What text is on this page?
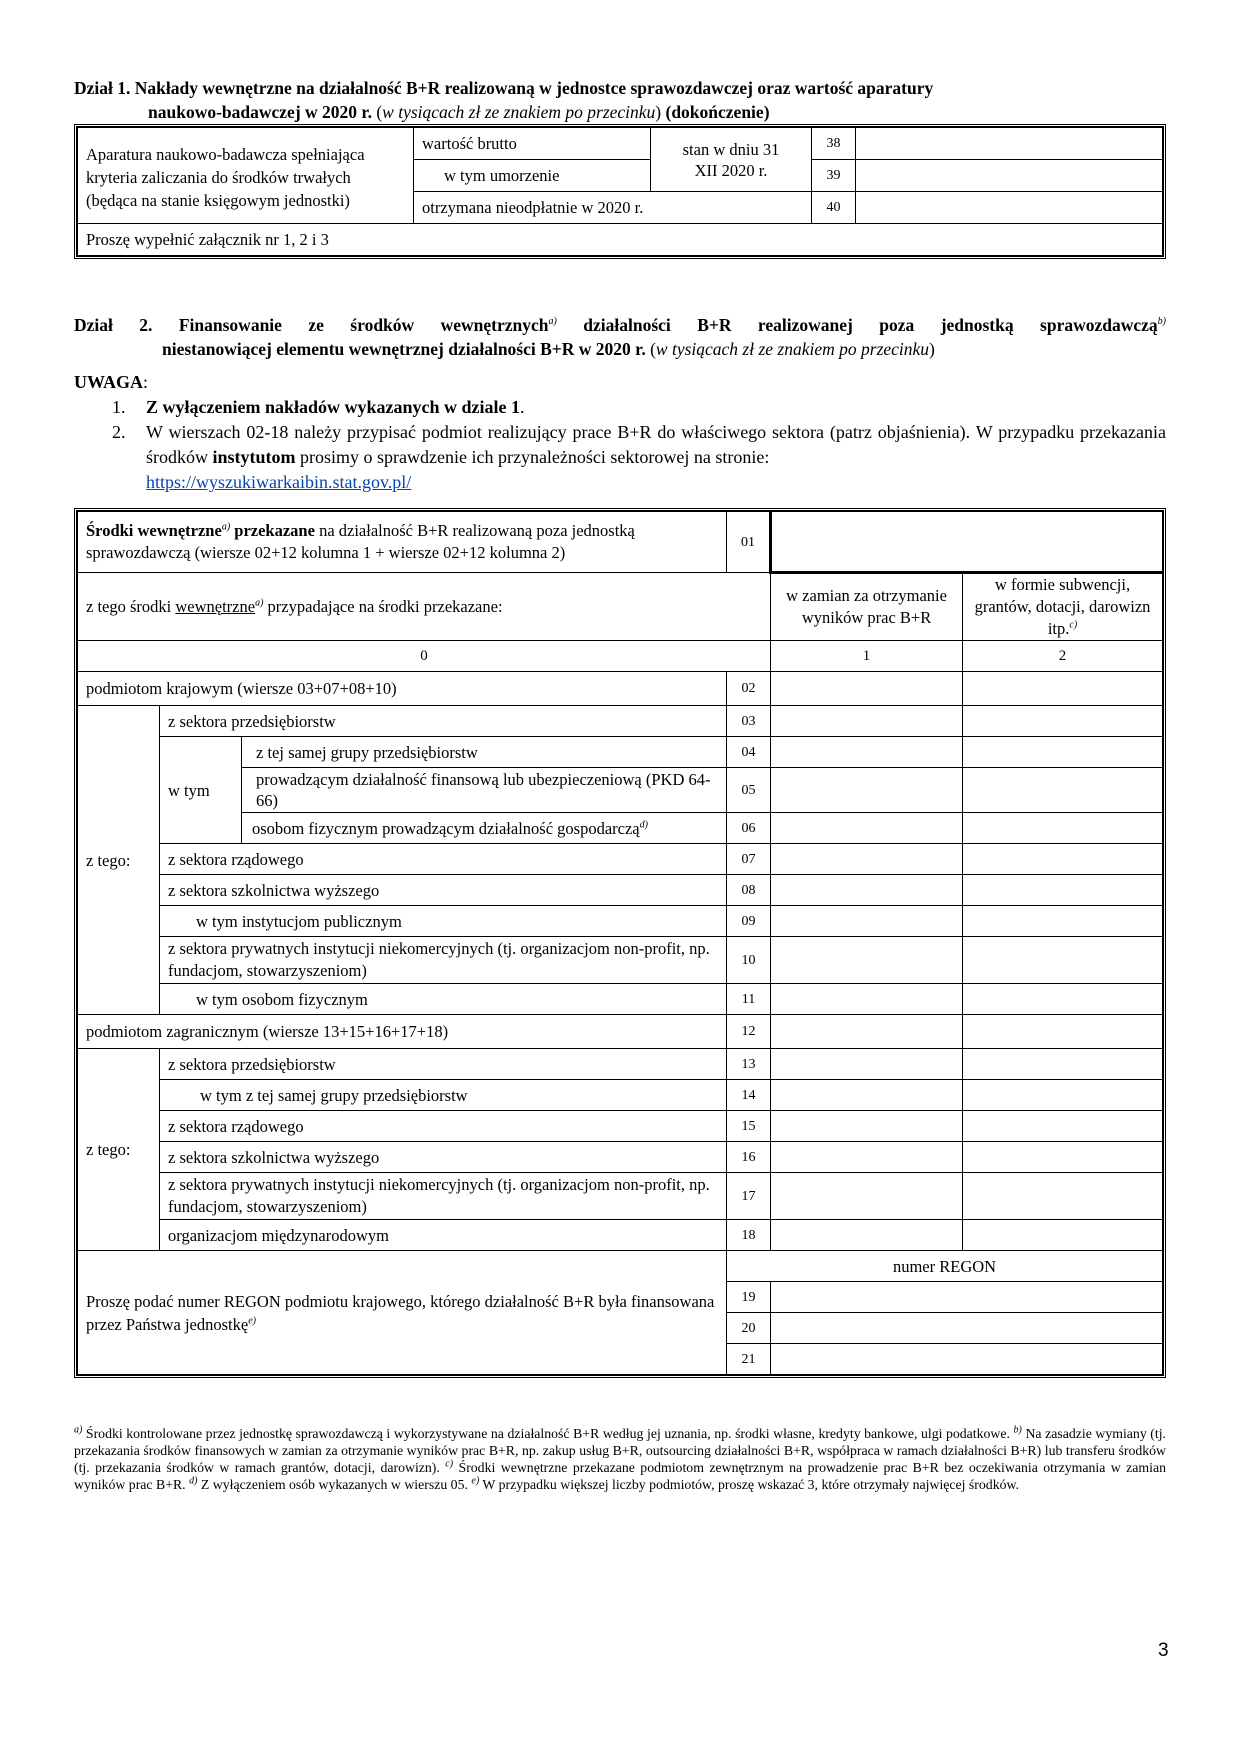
Dział 1. Nakłady wewnętrzne na działalność B+R realizowaną w jednostce sprawozdawczej oraz wartość aparatury

naukowo-badawczej w 2020 r. (w tysiącach zł ze znakiem po przecinku) (dokończenie)

Aparatura naukowo-badawcza spełniająca kryteria zaliczania do środków trwałych (będąca na stanie księgowym jednostki)	wartość brutto	stan w dniu 31 XII 2020 r.	38	
	w tym umorzenie		39	
	otrzymana nieodpłatnie w 2020 r.		40	
Proszę wypełnić załącznik nr 1, 2 i 3				

Dział 2. Finansowanie ze środków wewnętrznych$^{a)}$ działalności B+R realizowanej poza jednostką sprawozdawczą$^{b)}$

niestanowiącej elementu wewnętrznej działalności B+R w 2020 r. (w tysiącach zł ze znakiem po przecinku)

UWAGA:

1. Z wyłączeniem nakładów wykazanych w dziale 1.
2. W wierszach 02-18 należy przypisać podmiot realizujący prace B+R do właściwego sektora (patrz objaśnienia). W przypadku przekazania środków instytutom prosimy o sprawdzenie ich przynależności sektorowej na stronie:
https://wyszukiwarkaibin.stat.gov.pl/
Środki wewnętrzne$^{a)}$ przekazane na działalność B+R realizowaną poza jednostką sprawozdawczą (wiersze 02+12 kolumna 1 + wiersze 02+12 kolumna 2)			01		
z tego środki wewnętrzne$^{a)}$ przypadające na środki przekazane:				w zamian za otrzymanie wyników prac B+R	w formie subwencji, grantów, dotacji, darowizn itp.$^{c)}$
0				1	2
podmiotom krajowym (wiersze 03+07+08+10)			02		
z tego:	z sektora przedsiębiorstw		03		
	w tym	z tej samej grupy przedsiębiorstw	04		
		prowadzącym działalność finansową lub ubezpieczeniową (PKD 64-66)	05		
		osobom fizycznym prowadzącym działalność gospodarczą$^{d)}$	06		
	z sektora rządowego		07		
	z sektora szkolnictwa wyższego		08		
	w tym instytucjom publicznym		09		
	z sektora prywatnych instytucji niekomercyjnych (tj. organizacjom non-profit, np. fundacjom, stowarzyszeniom)		10		
	w tym osobom fizycznym		11		
podmiotom zagranicznym (wiersze 13+15+16+17+18)			12		
z tego:	z sektora przedsiębiorstw		13		
	w tym z tej samej grupy przedsiębiorstw		14		
	z sektora rządowego		15		
	z sektora szkolnictwa wyższego		16		
	z sektora prywatnych instytucji niekomercyjnych (tj. organizacjom non-profit, np. fundacjom, stowarzyszeniom)		17		
	organizacjom międzynarodowym		18		
Proszę podać numer REGON podmiotu krajowego, którego działalność B+R była finansowana przez Państwa jednostkę$^{e)}$			numer REGON		
			19		
			20		
			21		
$^{a)}$ Środki kontrolowane przez jednostkę sprawozdawczą i wykorzystywane na działalność B+R według jej uznania, np. środki własne, kredyty bankowe, ulgi podatkowe. $^{b)}$ Na zasadzie wymiany (tj. przekazania środków finansowych w zamian za otrzymanie wyników prac B+R, np. zakup usług B+R, outsourcing działalności B+R, współpraca w ramach działalności B+R) lub transferu środków (tj. przekazania środków w ramach grantów, dotacji, darowizn). $^{c)}$ Środki wewnętrzne przekazane podmiotom zewnętrznym na prowadzenie prac B+R bez oczekiwania otrzymania w zamian wyników prac B+R. $^{d)}$ Z wyłączeniem osób wykazanych w wierszu 05. $^{e)}$ W przypadku większej liczby podmiotów, proszę wskazać 3, które otrzymały najwięcej środków.
3
